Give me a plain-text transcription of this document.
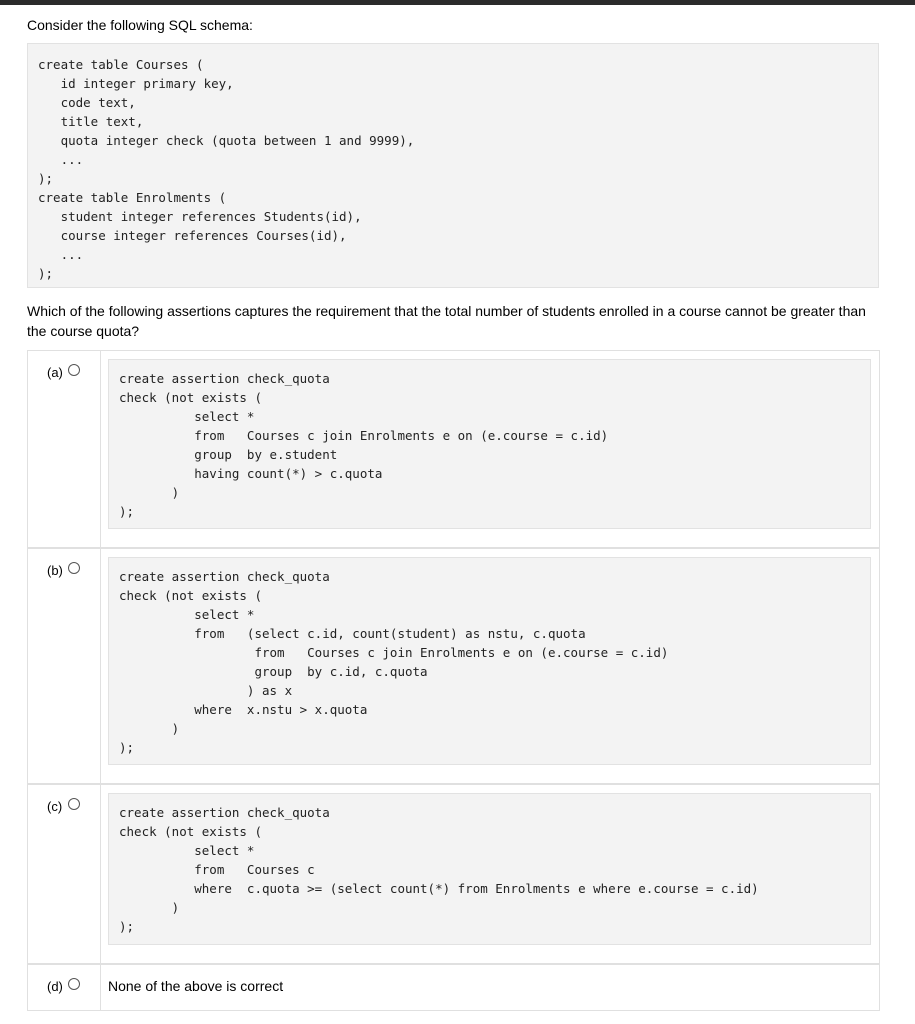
Consider the following SQL schema:
create table Courses (
id integer primary key,
code text,
title text,
quota integer check (quota between 1 and 9999),
...
);
create table Enrolments (
student integer references Students(id),
course integer references Courses(id),
...
);
Which of the following assertions captures the requirement that the total number of students enrolled in a course cannot be greater than the course quota?
(a)	create assertion check_quota
check (not exists (
select *
from   Courses c join Enrolments e on (e.course = c.id)
group  by e.student
having count(*) > c.quota
)
);
(b)	create assertion check_quota
check (not exists (
select *
from   (select c.id, count(student) as nstu, c.quota
from   Courses c join Enrolments e on (e.course = c.id)
group  by c.id, c.quota
) as x
where  x.nstu > x.quota
)
);
(c)	create assertion check_quota
check (not exists (
select *
from   Courses c
where  c.quota >= (select count(*) from Enrolments e where e.course = c.id)
)
);
(d)	None of the above is correct
